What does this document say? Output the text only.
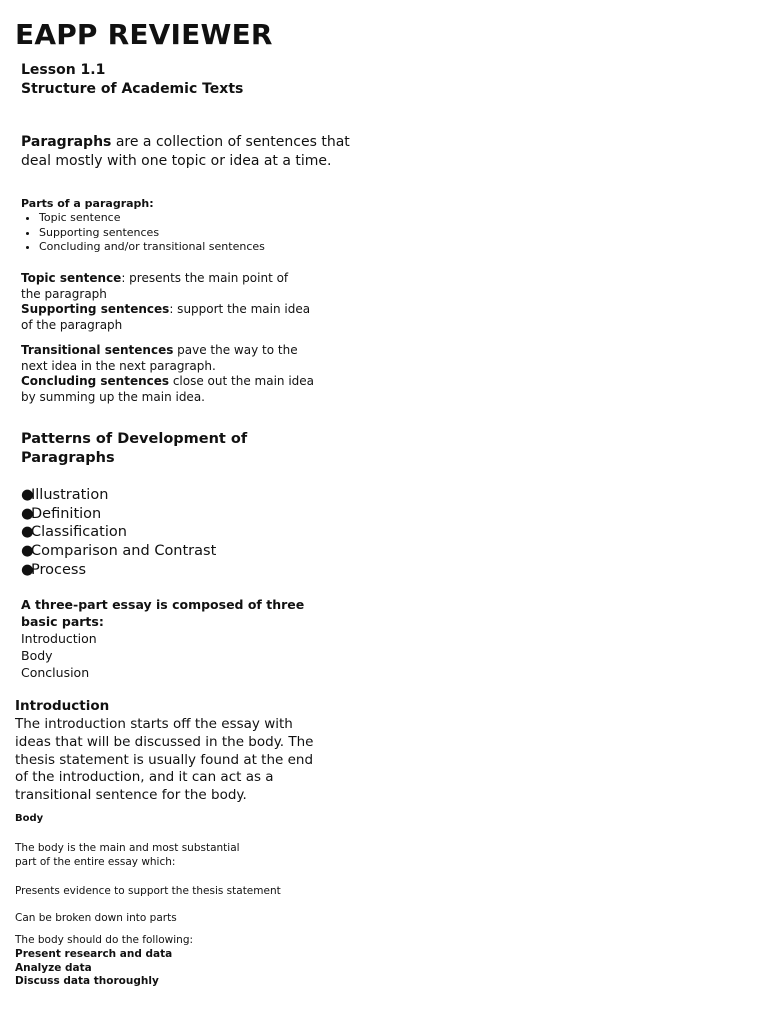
EAPP REVIEWER
Lesson 1.1
Structure of Academic Texts
Paragraphs are a collection of sentences that
deal mostly with one topic or idea at a time.
Parts of a paragraph:
• Topic sentence
• Supporting sentences
• Concluding and/or transitional sentences
Topic sentence: presents the main point of
the paragraph
Supporting sentences: support the main idea
of the paragraph
Transitional sentences pave the way to the
next idea in the next paragraph.
Concluding sentences close out the main idea
by summing up the main idea.
Patterns of Development of
Paragraphs
●Illustration
●Definition
●Classification
●Comparison and Contrast
●Process
A three-part essay is composed of three
basic parts:
Introduction
Body
Conclusion
Introduction
The introduction starts off the essay with
ideas that will be discussed in the body. The
thesis statement is usually found at the end
of the introduction, and it can act as a
transitional sentence for the body.
Body
The body is the main and most substantial
part of the entire essay which:
Presents evidence to support the thesis statement
Can be broken down into parts
The body should do the following:
Present research and data
Analyze data
Discuss data thoroughly
